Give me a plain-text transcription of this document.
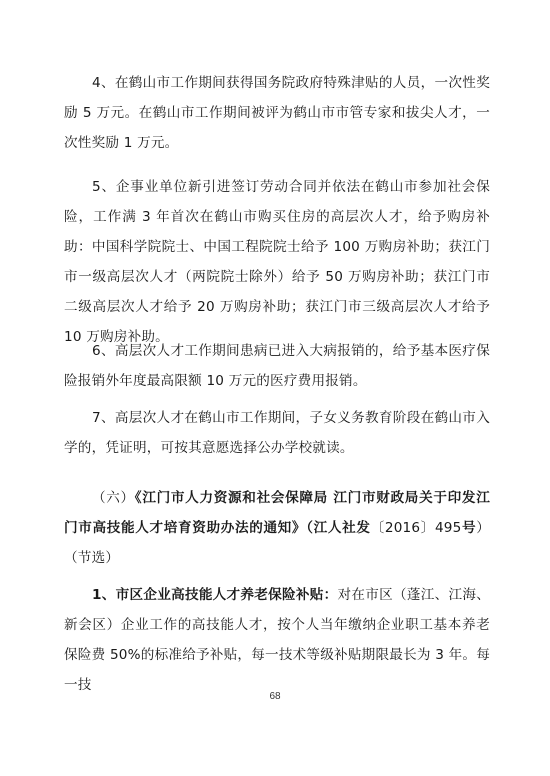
4、在鹤山市工作期间获得国务院政府特殊津贴的人员，一次性奖励 5 万元。在鹤山市工作期间被评为鹤山市市管专家和拔尖人才，一次性奖励 1 万元。

5、企事业单位新引进签订劳动合同并依法在鹤山市参加社会保险，工作满 3 年首次在鹤山市购买住房的高层次人才，给予购房补助：中国科学院院士、中国工程院院士给予 100 万购房补助；获江门市一级高层次人才（两院院士除外）给予 50 万购房补助；获江门市二级高层次人才给予 20 万购房补助；获江门市三级高层次人才给予 10 万购房补助。

6、高层次人才工作期间患病已进入大病报销的，给予基本医疗保险报销外年度最高限额 10 万元的医疗费用报销。

7、高层次人才在鹤山市工作期间，子女义务教育阶段在鹤山市入学的，凭证明，可按其意愿选择公办学校就读。

（六）《江门市人力资源和社会保障局 江门市财政局关于印发江门市高技能人才培育资助办法的通知》（江人社发〔2016〕495号）（节选）

1、市区企业高技能人才养老保险补贴：对在市区（蓬江、江海、新会区）企业工作的高技能人才，按个人当年缴纳企业职工基本养老保险费 50%的标准给予补贴，每一技术等级补贴期限最长为 3 年。每一技

68
